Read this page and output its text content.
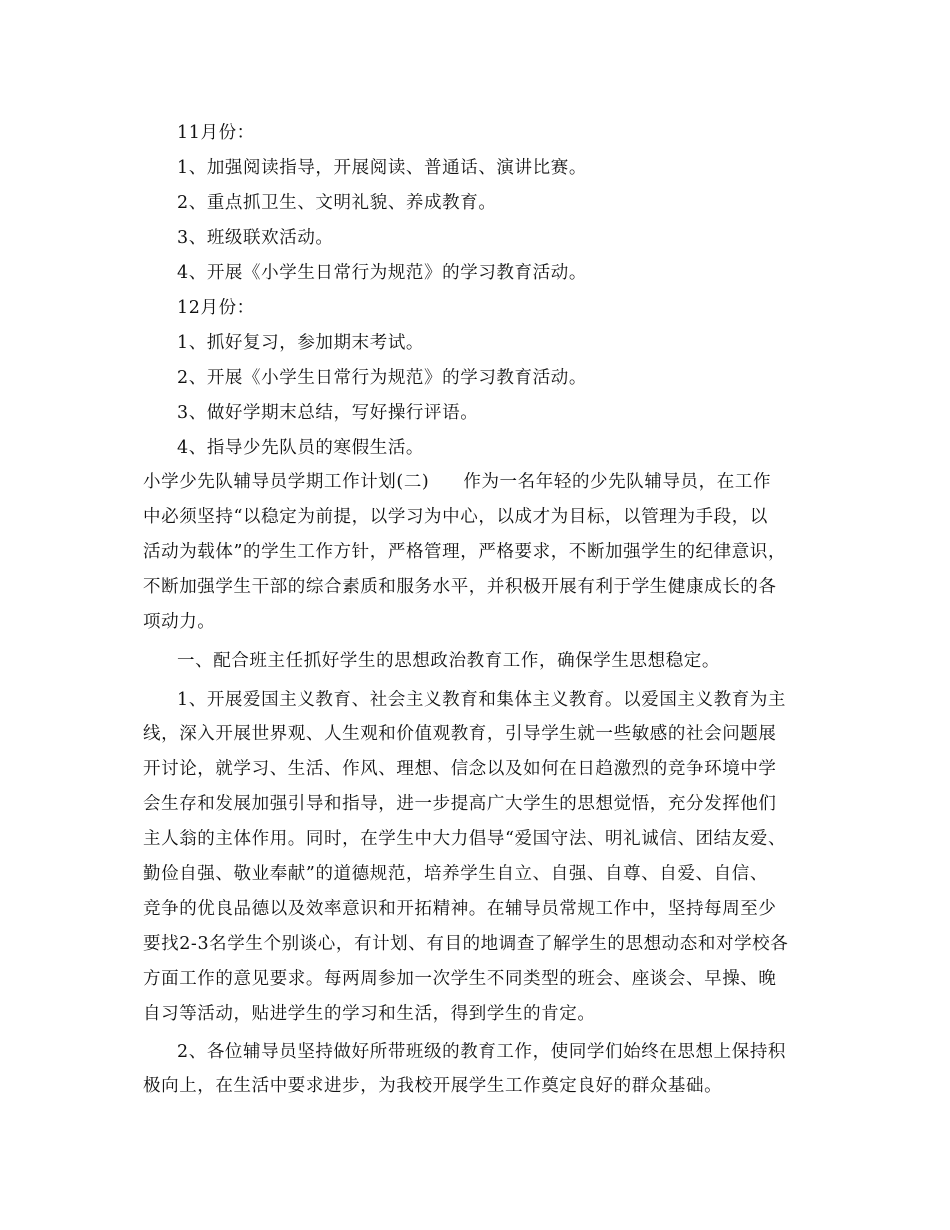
11月份：
1、加强阅读指导，开展阅读、普通话、演讲比赛。
2、重点抓卫生、文明礼貌、养成教育。
3、班级联欢活动。
4、开展《小学生日常行为规范》的学习教育活动。
12月份：
1、抓好复习，参加期末考试。
2、开展《小学生日常行为规范》的学习教育活动。
3、做好学期末总结，写好操行评语。
4、指导少先队员的寒假生活。
小学少先队辅导员学期工作计划(二) 作为一名年轻的少先队辅导员，在工作
中必须坚持“以稳定为前提，以学习为中心，以成才为目标，以管理为手段，以
活动为载体”的学生工作方针，严格管理，严格要求，不断加强学生的纪律意识，
不断加强学生干部的综合素质和服务水平，并积极开展有利于学生健康成长的各
项动力。
一、配合班主任抓好学生的思想政治教育工作，确保学生思想稳定。
1、开展爱国主义教育、社会主义教育和集体主义教育。以爱国主义教育为主
线，深入开展世界观、人生观和价值观教育，引导学生就一些敏感的社会问题展
开讨论，就学习、生活、作风、理想、信念以及如何在日趋激烈的竞争环境中学
会生存和发展加强引导和指导，进一步提高广大学生的思想觉悟，充分发挥他们
主人翁的主体作用。同时，在学生中大力倡导“爱国守法、明礼诚信、团结友爱、
勤俭自强、敬业奉献”的道德规范，培养学生自立、自强、自尊、自爱、自信、
竞争的优良品德以及效率意识和开拓精神。在辅导员常规工作中，坚持每周至少
要找2-3名学生个别谈心，有计划、有目的地调查了解学生的思想动态和对学校各
方面工作的意见要求。每两周参加一次学生不同类型的班会、座谈会、早操、晚
自习等活动，贴进学生的学习和生活，得到学生的肯定。
2、各位辅导员坚持做好所带班级的教育工作，使同学们始终在思想上保持积
极向上，在生活中要求进步，为我校开展学生工作奠定良好的群众基础。
